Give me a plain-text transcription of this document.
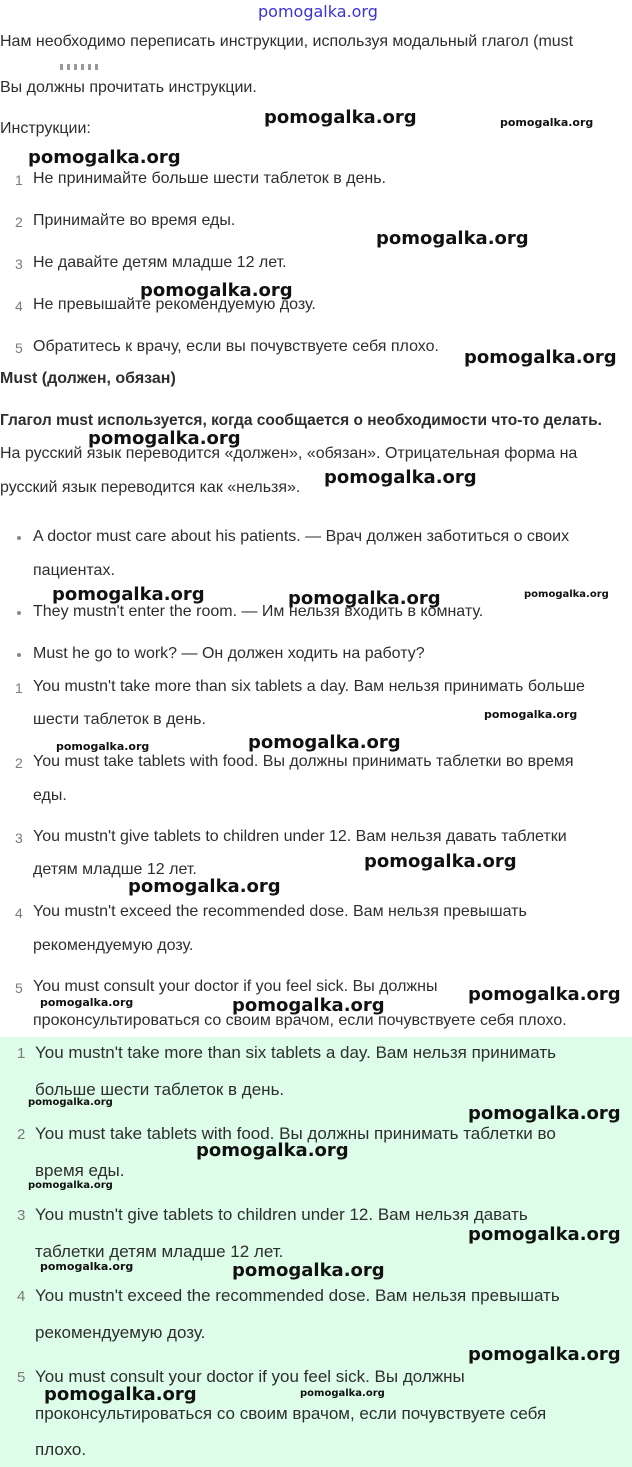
pomogalka.org
Нам необходимо переписать инструкции, используя модальный глагол (must
Вы должны прочитать инструкции.
Инструкции:
1 Не принимайте больше шести таблеток в день.
2 Принимайте во время еды.
3 Не давайте детям младше 12 лет.
4 Не превышайте рекомендуемую дозу.
5 Обратитесь к врачу, если вы почувствуете себя плохо.
Must (должен, обязан)
Глагол must используется, когда сообщается о необходимости что-то делать.
На русский язык переводится «должен», «обязан». Отрицательная форма на
русский язык переводится как «нельзя».
A doctor must care about his patients. — Врач должен заботиться о своих
пациентах.
They mustn't enter the room. — Им нельзя входить в комнату.
Must he go to work? — Он должен ходить на работу?
1 You mustn't take more than six tablets a day. Вам нельзя принимать больше
шести таблеток в день.
2 You must take tablets with food. Вы должны принимать таблетки во время
еды.
3 You mustn't give tablets to children under 12. Вам нельзя давать таблетки
детям младше 12 лет.
4 You mustn't exceed the recommended dose. Вам нельзя превышать
рекомендуемую дозу.
5 You must consult your doctor if you feel sick. Вы должны
проконсультироваться со своим врачом, если почувствуете себя плохо.
1 You mustn't take more than six tablets a day. Вам нельзя принимать
больше шести таблеток в день.
2 You must take tablets with food. Вы должны принимать таблетки во
время еды.
3 You mustn't give tablets to children under 12. Вам нельзя давать
таблетки детям младше 12 лет.
4 You mustn't exceed the recommended dose. Вам нельзя превышать
рекомендуемую дозу.
5 You must consult your doctor if you feel sick. Вы должны
проконсультироваться со своим врачом, если почувствуете себя
плохо.
pomogalka.org	pomogalka.org
pomogalka.org
pomogalka.org
pomogalka.org
pomogalka.org
pomogalka.org
pomogalka.org
pomogalka.org	pomogalka.org	pomogalka.org
pomogalka.org
pomogalka.org
pomogalka.org
pomogalka.org
pomogalka.org
pomogalka.org
pomogalka.org	pomogalka.org
pomogalka.org
pomogalka.org
pomogalka.org
pomogalka.org
pomogalka.org
pomogalka.org	pomogalka.org
pomogalka.org
pomogalka.org	pomogalka.org
